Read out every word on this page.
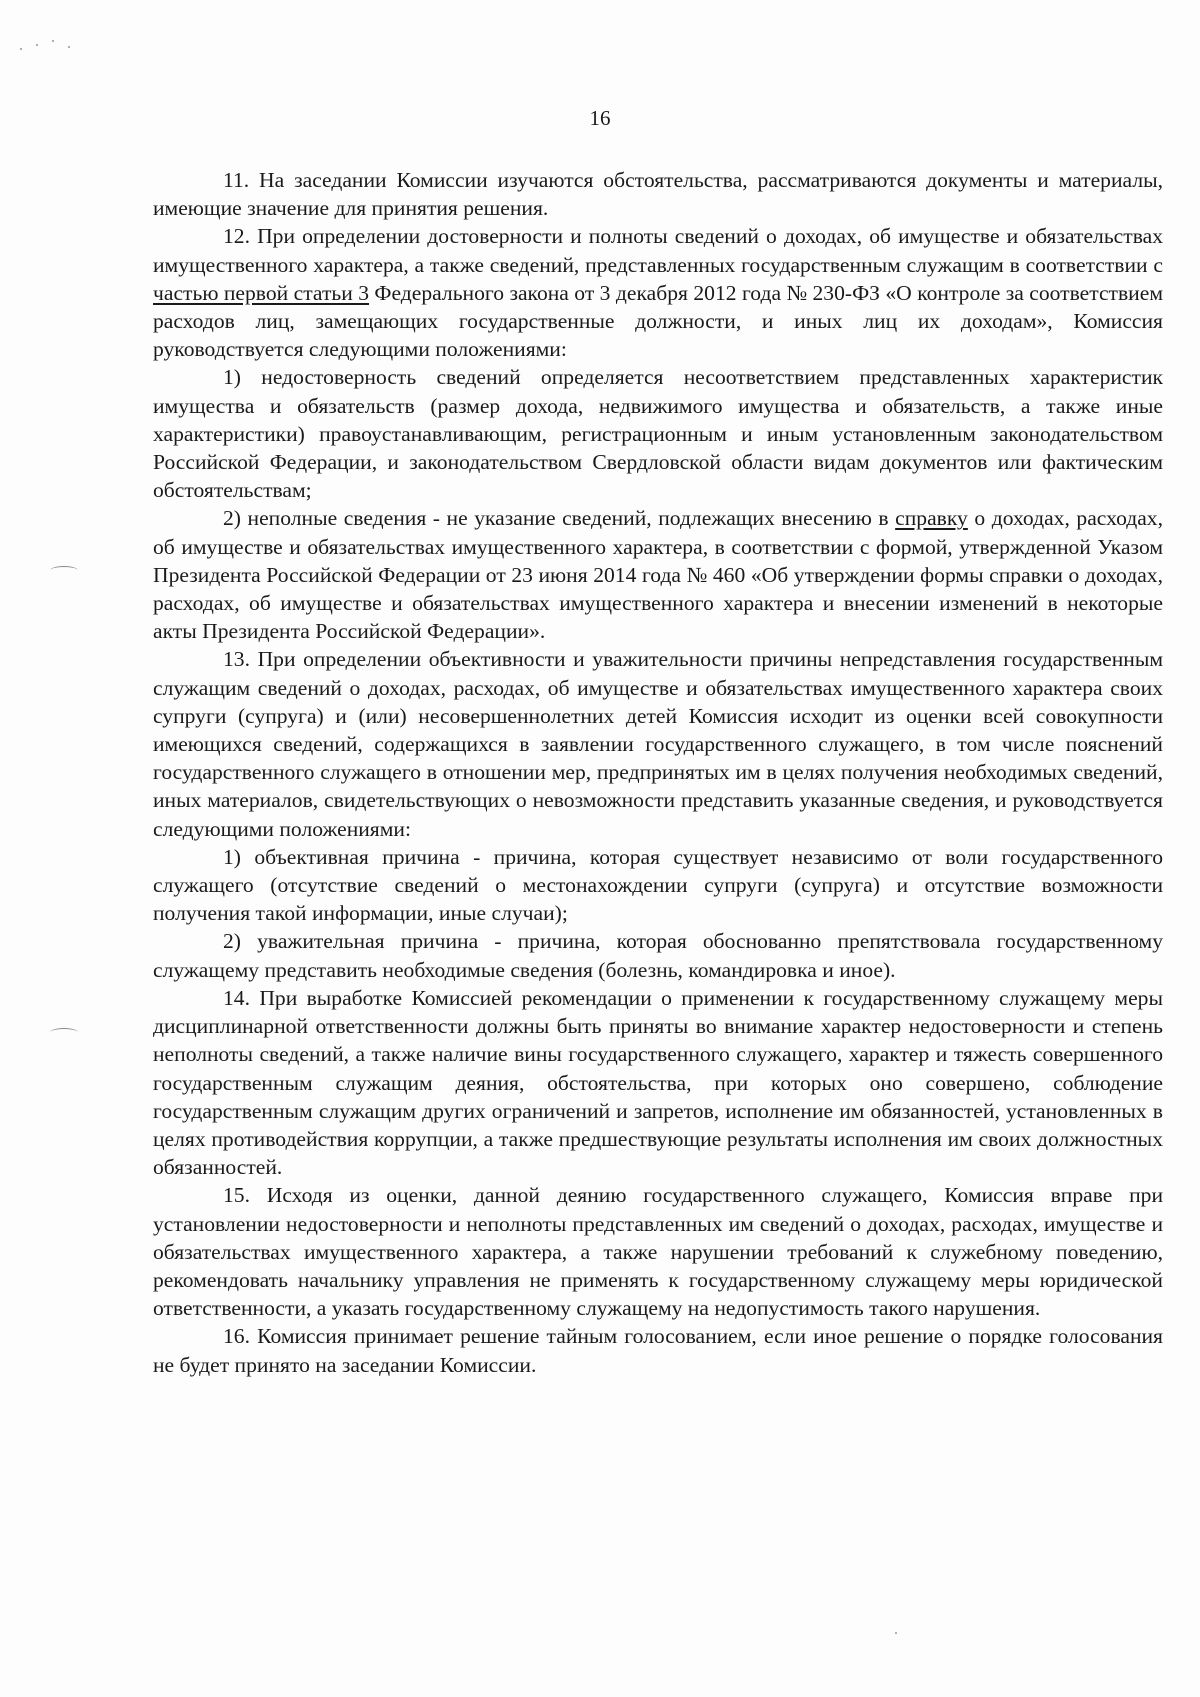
16

11. На заседании Комиссии изучаются обстоятельства, рассматриваются документы и материалы, имеющие значение для принятия решения.

12. При определении достоверности и полноты сведений о доходах, об имуществе и обязательствах имущественного характера, а также сведений, представленных государственным служащим в соответствии с частью первой статьи 3 Федерального закона от 3 декабря 2012 года № 230-ФЗ «О контроле за соответствием расходов лиц, замещающих государственные должности, и иных лиц их доходам», Комиссия руководствуется следующими положениями:

1) недостоверность сведений определяется несоответствием представленных характеристик имущества и обязательств (размер дохода, недвижимого имущества и обязательств, а также иные характеристики) правоустанавливающим, регистрационным и иным установленным законодательством Российской Федерации, и законодательством Свердловской области видам документов или фактическим обстоятельствам;

2) неполные сведения - не указание сведений, подлежащих внесению в справку о доходах, расходах, об имуществе и обязательствах имущественного характера, в соответствии с формой, утвержденной Указом Президента Российской Федерации от 23 июня 2014 года № 460 «Об утверждении формы справки о доходах, расходах, об имуществе и обязательствах имущественного характера и внесении изменений в некоторые акты Президента Российской Федерации».

13. При определении объективности и уважительности причины непредставления государственным служащим сведений о доходах, расходах, об имуществе и обязательствах имущественного характера своих супруги (супруга) и (или) несовершеннолетних детей Комиссия исходит из оценки всей совокупности имеющихся сведений, содержащихся в заявлении государственного служащего, в том числе пояснений государственного служащего в отношении мер, предпринятых им в целях получения необходимых сведений, иных материалов, свидетельствующих о невозможности представить указанные сведения, и руководствуется следующими положениями:

1) объективная причина - причина, которая существует независимо от воли государственного служащего (отсутствие сведений о местонахождении супруги (супруга) и отсутствие возможности получения такой информации, иные случаи);

2) уважительная причина - причина, которая обоснованно препятствовала государственному служащему представить необходимые сведения (болезнь, командировка и иное).

14. При выработке Комиссией рекомендации о применении к государственному служащему меры дисциплинарной ответственности должны быть приняты во внимание характер недостоверности и степень неполноты сведений, а также наличие вины государственного служащего, характер и тяжесть совершенного государственным служащим деяния, обстоятельства, при которых оно совершено, соблюдение государственным служащим других ограничений и запретов, исполнение им обязанностей, установленных в целях противодействия коррупции, а также предшествующие результаты исполнения им своих должностных обязанностей.

15. Исходя из оценки, данной деянию государственного служащего, Комиссия вправе при установлении недостоверности и неполноты представленных им сведений о доходах, расходах, имуществе и обязательствах имущественного характера, а также нарушении требований к служебному поведению, рекомендовать начальнику управления не применять к государственному служащему меры юридической ответственности, а указать государственному служащему на недопустимость такого нарушения.

16. Комиссия принимает решение тайным голосованием, если иное решение о порядке голосования не будет принято на заседании Комиссии.
